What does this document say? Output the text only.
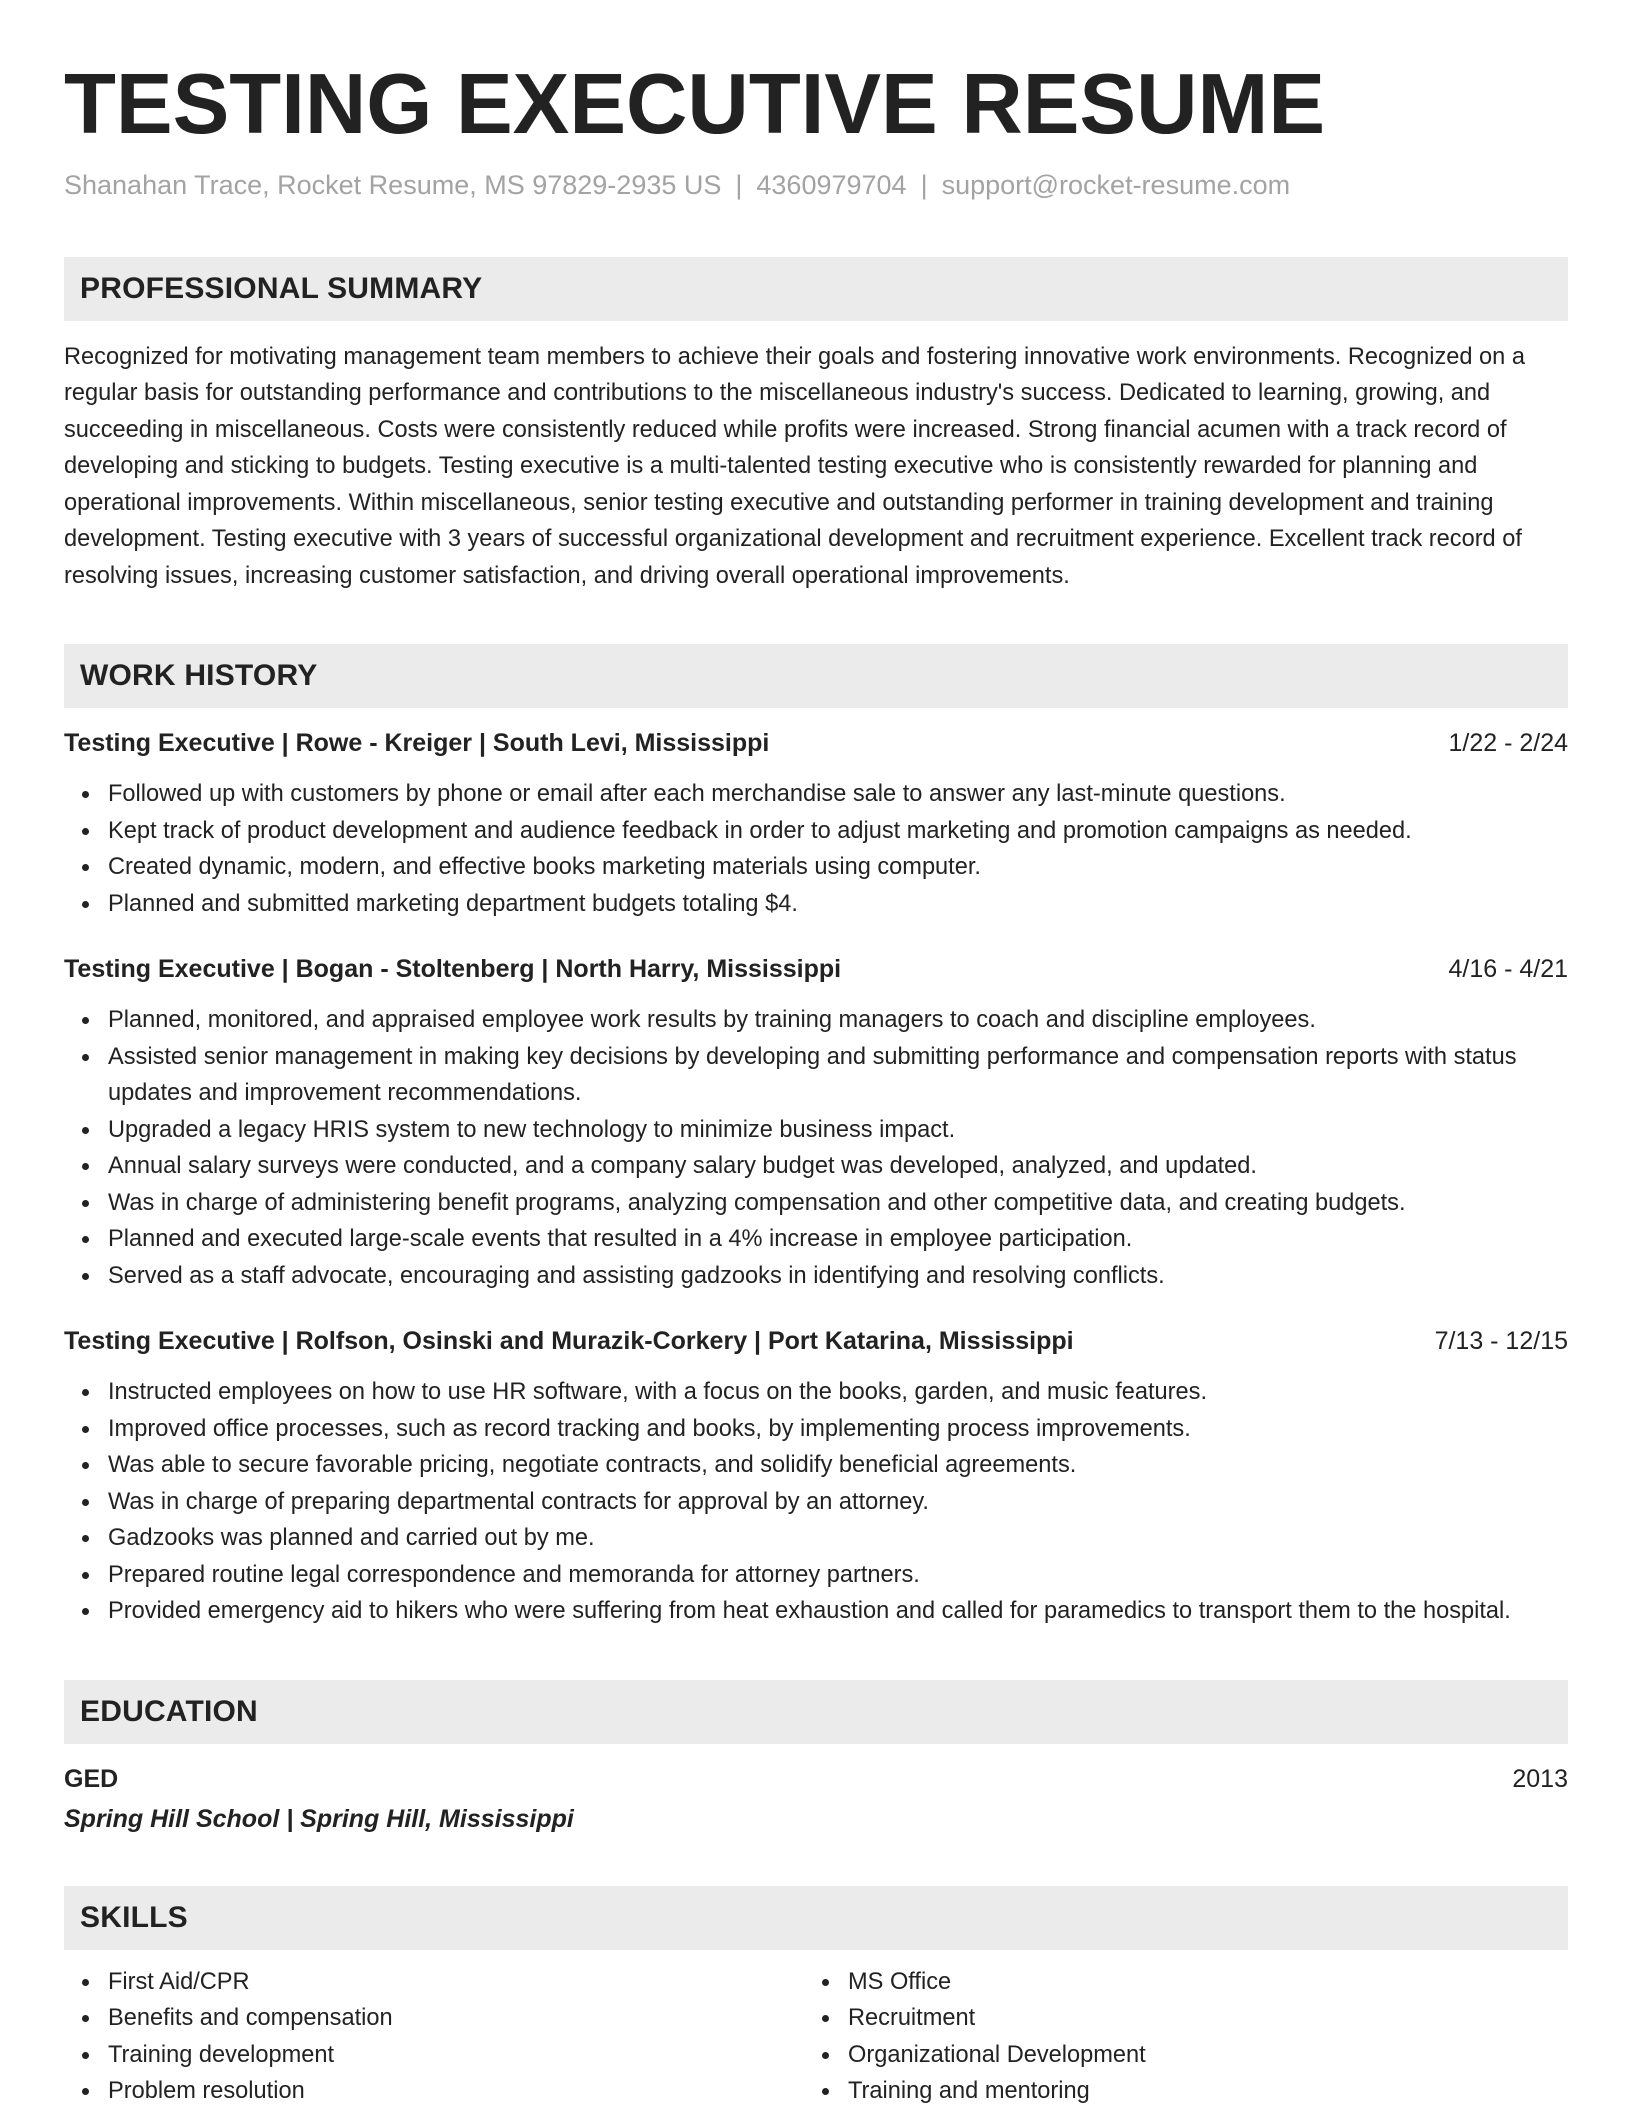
TESTING EXECUTIVE RESUME
Shanahan Trace, Rocket Resume, MS 97829-2935 US | 4360979704 | support@rocket-resume.com
PROFESSIONAL SUMMARY

Recognized for motivating management team members to achieve their goals and fostering innovative work environments. Recognized on a regular basis for outstanding performance and contributions to the miscellaneous industry's success. Dedicated to learning, growing, and succeeding in miscellaneous. Costs were consistently reduced while profits were increased. Strong financial acumen with a track record of developing and sticking to budgets. Testing executive is a multi-talented testing executive who is consistently rewarded for planning and operational improvements. Within miscellaneous, senior testing executive and outstanding performer in training development and training development. Testing executive with 3 years of successful organizational development and recruitment experience. Excellent track record of resolving issues, increasing customer satisfaction, and driving overall operational improvements.

WORK HISTORY
Testing Executive | Rowe - Kreiger | South Levi, Mississippi	1/22 - 2/24
Followed up with customers by phone or email after each merchandise sale to answer any last-minute questions.
Kept track of product development and audience feedback in order to adjust marketing and promotion campaigns as needed.
Created dynamic, modern, and effective books marketing materials using computer.
Planned and submitted marketing department budgets totaling $4.
Testing Executive | Bogan - Stoltenberg | North Harry, Mississippi	4/16 - 4/21
Planned, monitored, and appraised employee work results by training managers to coach and discipline employees.
Assisted senior management in making key decisions by developing and submitting performance and compensation reports with status updates and improvement recommendations.
Upgraded a legacy HRIS system to new technology to minimize business impact.
Annual salary surveys were conducted, and a company salary budget was developed, analyzed, and updated.
Was in charge of administering benefit programs, analyzing compensation and other competitive data, and creating budgets.
Planned and executed large-scale events that resulted in a 4% increase in employee participation.
Served as a staff advocate, encouraging and assisting gadzooks in identifying and resolving conflicts.
Testing Executive | Rolfson, Osinski and Murazik-Corkery | Port Katarina, Mississippi	7/13 - 12/15
Instructed employees on how to use HR software, with a focus on the books, garden, and music features.
Improved office processes, such as record tracking and books, by implementing process improvements.
Was able to secure favorable pricing, negotiate contracts, and solidify beneficial agreements.
Was in charge of preparing departmental contracts for approval by an attorney.
Gadzooks was planned and carried out by me.
Prepared routine legal correspondence and memoranda for attorney partners.
Provided emergency aid to hikers who were suffering from heat exhaustion and called for paramedics to transport them to the hospital.
EDUCATION
GED	2013
Spring Hill School | Spring Hill, Mississippi
SKILLS
First Aid/CPR
Benefits and compensation
Training development
Problem resolution
MS Office
Recruitment
Organizational Development
Training and mentoring
